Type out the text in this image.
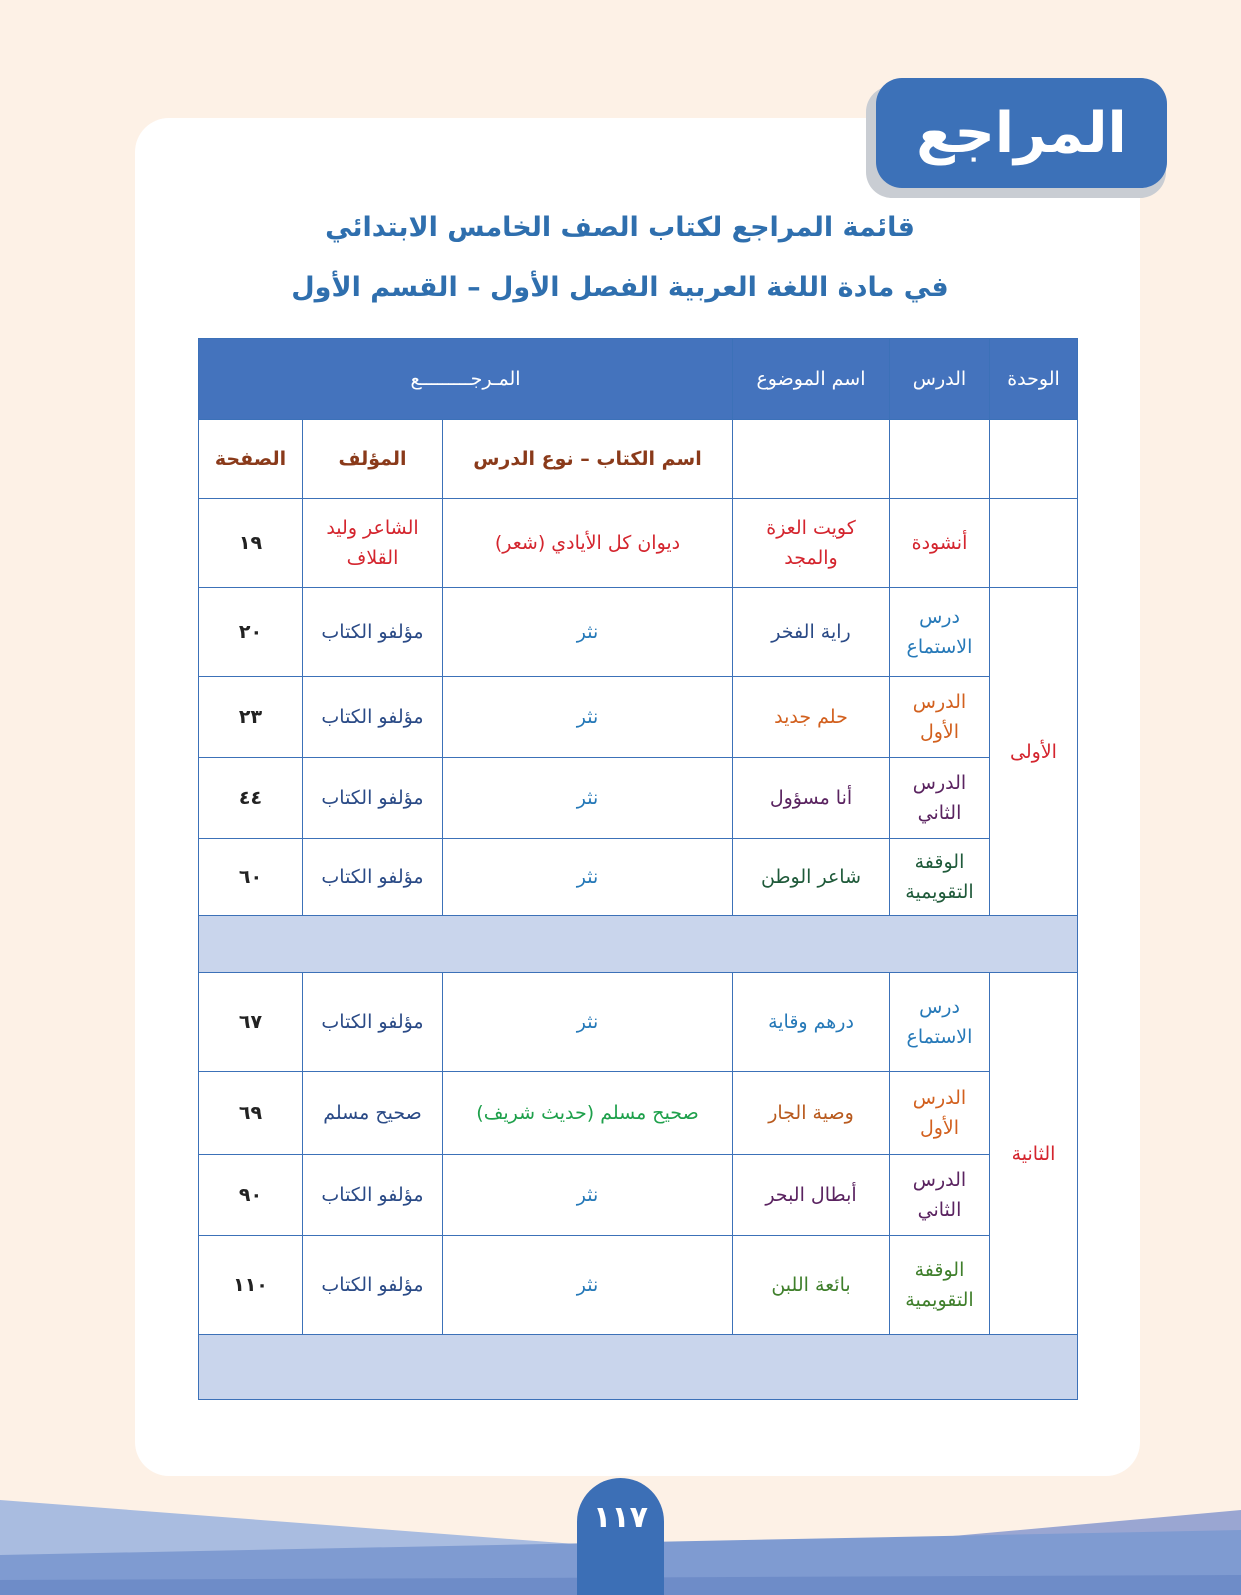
المراجع
قائمة المراجع لكتاب الصف الخامس الابتدائي
في مادة اللغة العربية الفصل الأول – القسم الأول
الوحدة	الدرس	اسم الموضوع	المـرجـــــــــع		
			اسم الكتاب – نوع الدرس	المؤلف	الصفحة
	أنشودة	كويت العزة والمجد	ديوان كل الأيادي (شعر)	الشاعر وليد القلاف	١٩
الأولى	درس الاستماع	راية الفخر	نثر	مؤلفو الكتاب	٢٠
	الدرس الأول	حلم جديد	نثر	مؤلفو الكتاب	٢٣
	الدرس الثاني	أنا مسؤول	نثر	مؤلفو الكتاب	٤٤
	الوقفة التقويمية	شاعر الوطن	نثر	مؤلفو الكتاب	٦٠

الثانية	درس الاستماع	درهم وقاية	نثر	مؤلفو الكتاب	٦٧
	الدرس الأول	وصية الجار	صحيح مسلم (حديث شريف)	صحيح مسلم	٦٩
	الدرس الثاني	أبطال البحر	نثر	مؤلفو الكتاب	٩٠
	الوقفة التقويمية	بائعة اللبن	نثر	مؤلفو الكتاب	١١٠

١١٧
